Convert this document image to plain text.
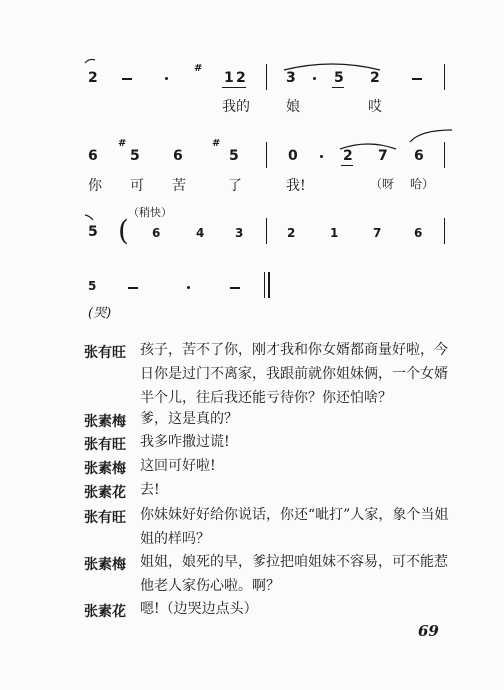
2
#
1 2	3	5 2
我的	娘	哎
#
6 5 6
#
5	0	2 7 6
你 可 苦	了	我!	（呀 哈）
（稍快）
5 ( 6	4	3	2	1	7	6
5
(哭)
张有旺 孩子，苦不了你，刚才我和你女婿都商量好啦，今
日你是过门不离家，我跟前就你姐妹俩，一个女婿
半个儿，往后我还能亏待你？你还怕啥？
张素梅 爹，这是真的？
张有旺 我多咋撒过谎!
张素梅 这回可好啦!
张素花 去!
张有旺 你妹妹好好给你说话，你还“呲打”人家，象个当姐
姐的样吗？
张素梅 姐姐，娘死的早，爹拉把咱姐妹不容易，可不能惹
他老人家伤心啦。啊？
张素花 嗯!（边哭边点头）
69
